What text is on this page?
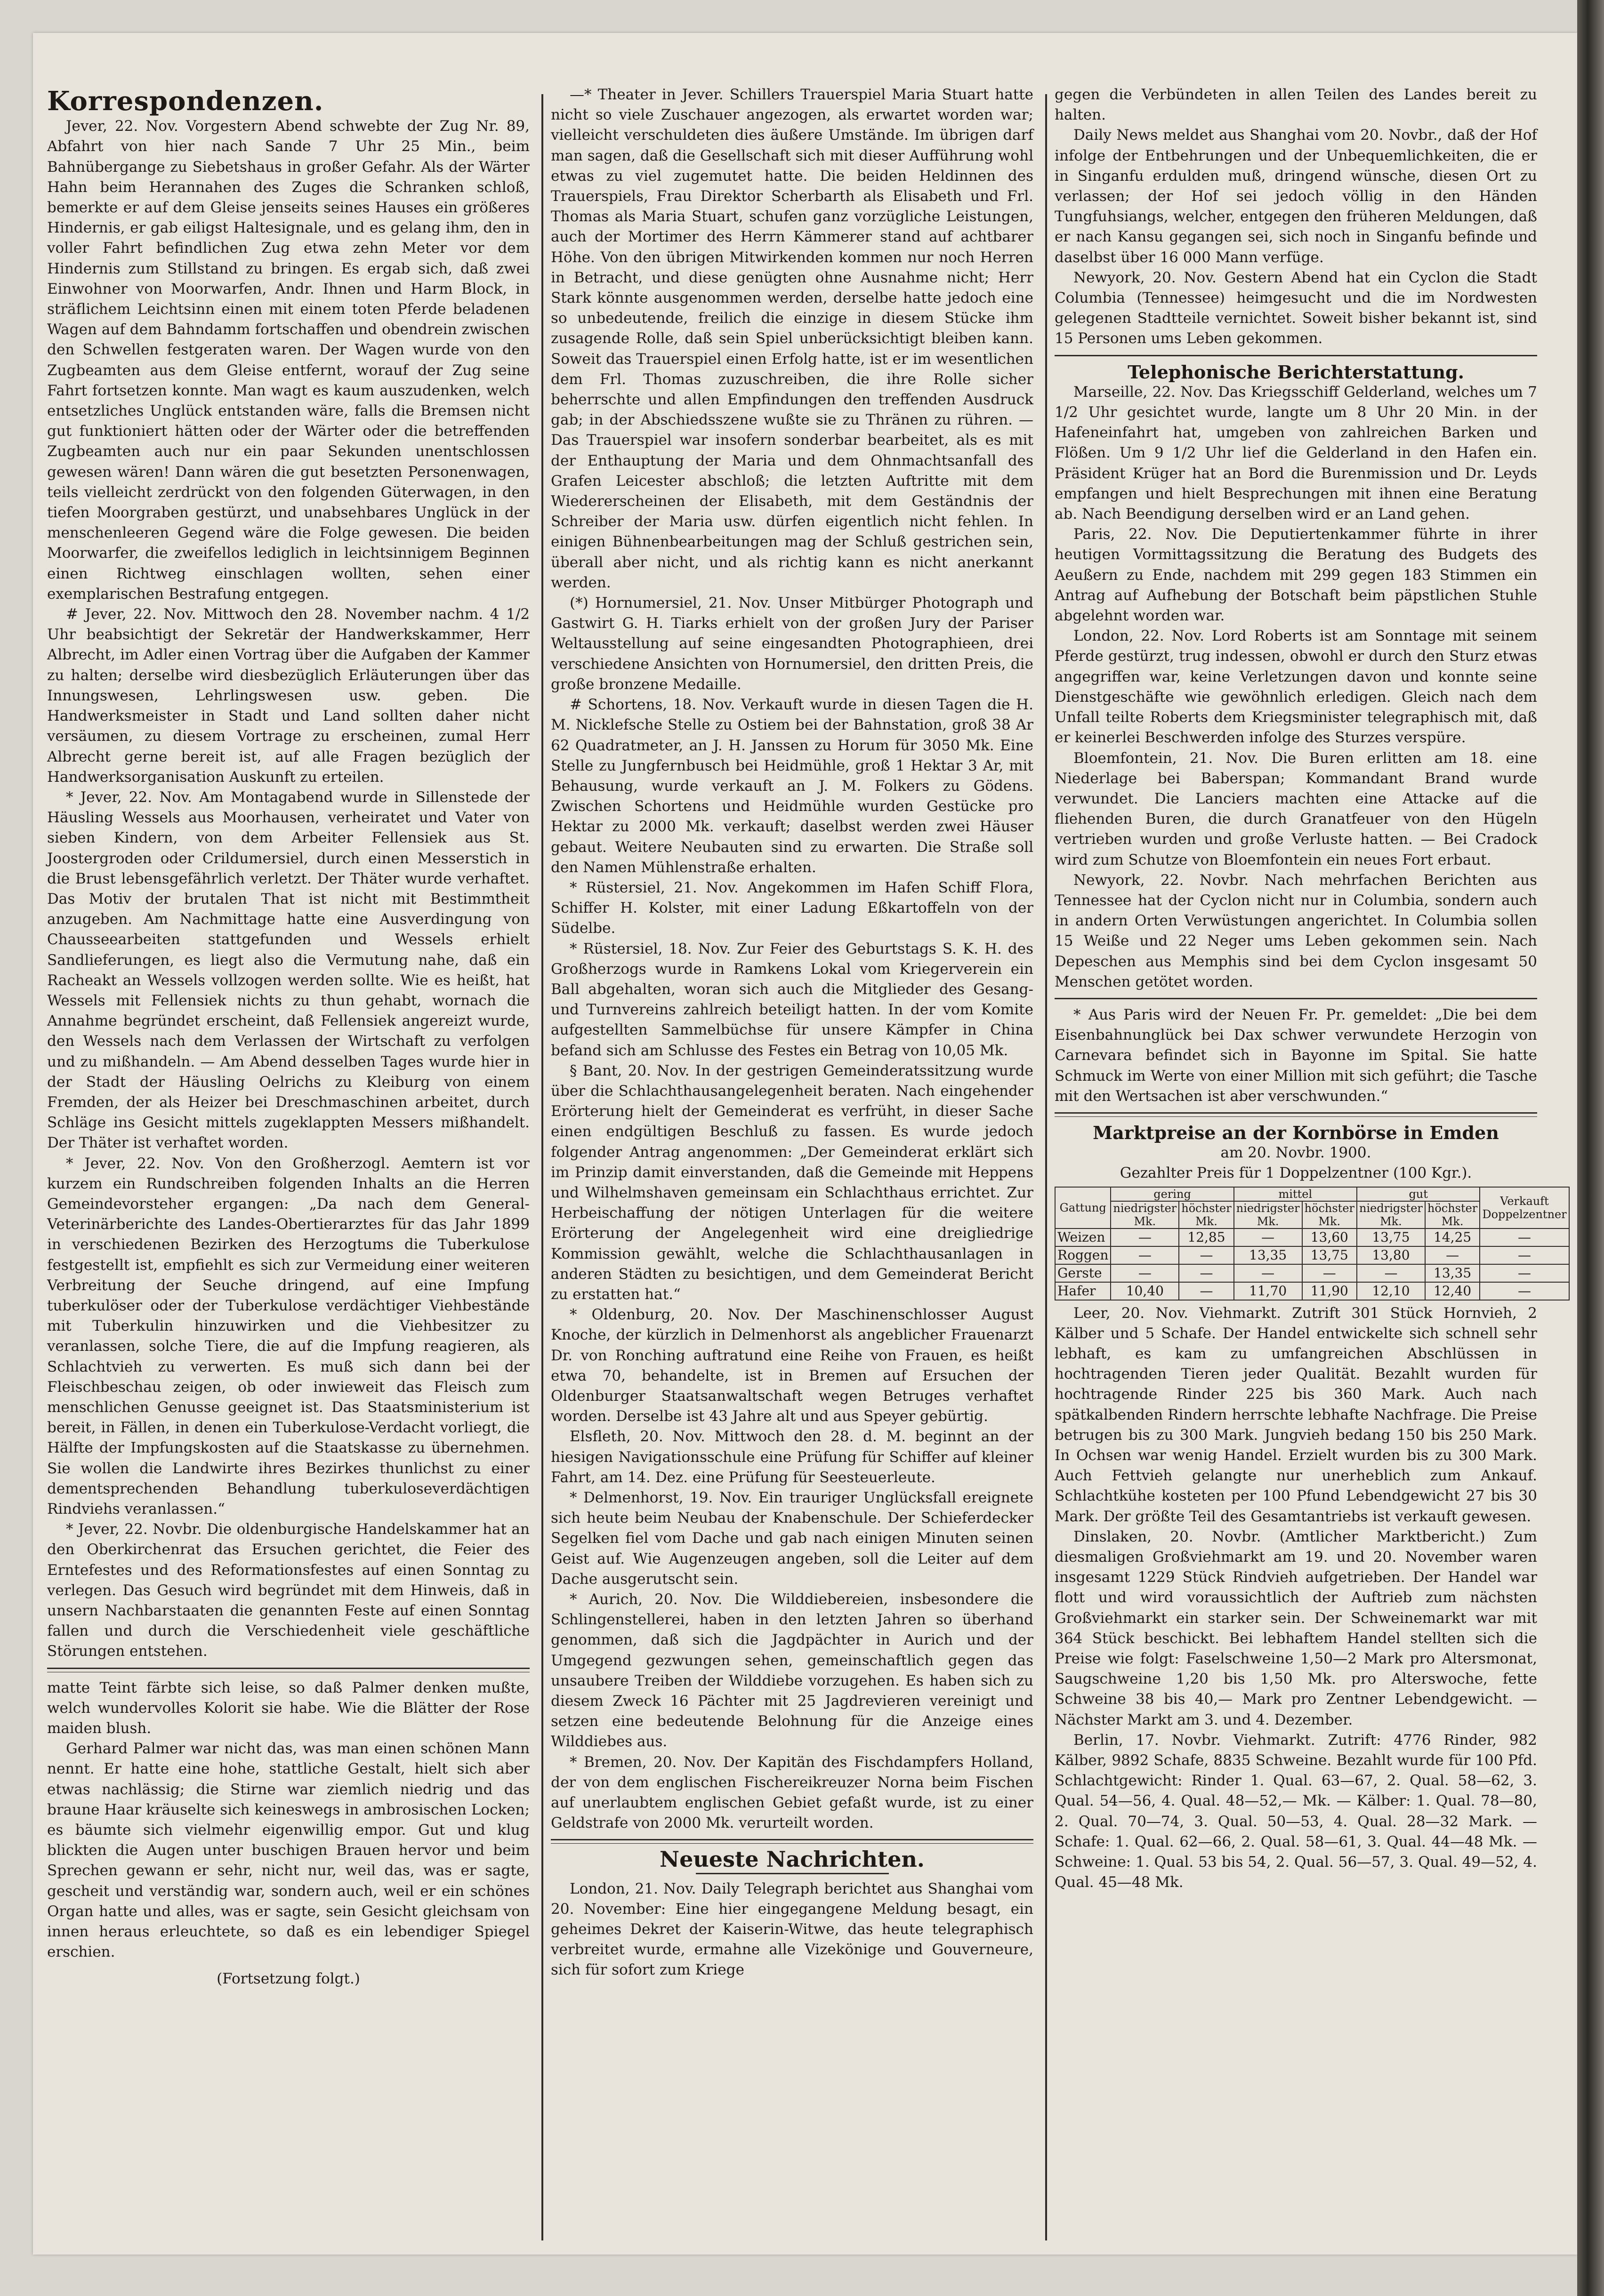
Korrespondenzen.

Jever, 22. Nov. Vorgestern Abend schwebte der Zug Nr. 89, Abfahrt von hier nach Sande 7 Uhr 25 Min., beim Bahnübergange zu Siebetshaus in großer Gefahr. Als der Wärter Hahn beim Herannahen des Zuges die Schranken schloß, bemerkte er auf dem Gleise jenseits seines Hauses ein größeres Hindernis, er gab eiligst Haltesignale, und es gelang ihm, den in voller Fahrt befindlichen Zug etwa zehn Meter vor dem Hindernis zum Stillstand zu bringen. Es ergab sich, daß zwei Einwohner von Moorwarfen, Andr. Ihnen und Harm Block, in sträflichem Leichtsinn einen mit einem toten Pferde beladenen Wagen auf dem Bahndamm fortschaffen und obendrein zwischen den Schwellen festgeraten waren. Der Wagen wurde von den Zugbeamten aus dem Gleise entfernt, worauf der Zug seine Fahrt fortsetzen konnte. Man wagt es kaum auszudenken, welch entsetzliches Unglück entstanden wäre, falls die Bremsen nicht gut funktioniert hätten oder der Wärter oder die betreffenden Zugbeamten auch nur ein paar Sekunden unentschlossen gewesen wären! Dann wären die gut besetzten Personenwagen, teils vielleicht zerdrückt von den folgenden Güterwagen, in den tiefen Moorgraben gestürzt, und unabsehbares Unglück in der menschenleeren Gegend wäre die Folge gewesen. Die beiden Moorwarfer, die zweifellos lediglich in leichtsinnigem Beginnen einen Richtweg einschlagen wollten, sehen einer exemplarischen Bestrafung entgegen.

# Jever, 22. Nov. Mittwoch den 28. November nachm. 4 1/2 Uhr beabsichtigt der Sekretär der Handwerkskammer, Herr Albrecht, im Adler einen Vortrag über die Aufgaben der Kammer zu halten; derselbe wird diesbezüglich Erläuterungen über das Innungswesen, Lehrlingswesen usw. geben. Die Handwerksmeister in Stadt und Land sollten daher nicht versäumen, zu diesem Vortrage zu erscheinen, zumal Herr Albrecht gerne bereit ist, auf alle Fragen bezüglich der Handwerksorganisation Auskunft zu erteilen.

* Jever, 22. Nov. Am Montagabend wurde in Sillenstede der Häusling Wessels aus Moorhausen, verheiratet und Vater von sieben Kindern, von dem Arbeiter Fellensiek aus St. Joostergroden oder Crildumersiel, durch einen Messerstich in die Brust lebensgefährlich verletzt. Der Thäter wurde verhaftet. Das Motiv der brutalen That ist nicht mit Bestimmtheit anzugeben. Am Nachmittage hatte eine Ausverdingung von Chausseearbeiten stattgefunden und Wessels erhielt Sandlieferungen, es liegt also die Vermutung nahe, daß ein Racheakt an Wessels vollzogen werden sollte. Wie es heißt, hat Wessels mit Fellensiek nichts zu thun gehabt, wornach die Annahme begründet erscheint, daß Fellensiek angereizt wurde, den Wessels nach dem Verlassen der Wirtschaft zu verfolgen und zu mißhandeln. — Am Abend desselben Tages wurde hier in der Stadt der Häusling Oelrichs zu Kleiburg von einem Fremden, der als Heizer bei Dreschmaschinen arbeitet, durch Schläge ins Gesicht mittels zugeklappten Messers mißhandelt. Der Thäter ist verhaftet worden.

* Jever, 22. Nov. Von den Großherzogl. Aemtern ist vor kurzem ein Rundschreiben folgenden Inhalts an die Herren Gemeindevorsteher ergangen: „Da nach dem General-Veterinärberichte des Landes-Obertierarztes für das Jahr 1899 in verschiedenen Bezirken des Herzogtums die Tuberkulose festgestellt ist, empfiehlt es sich zur Vermeidung einer weiteren Verbreitung der Seuche dringend, auf eine Impfung tuberkulöser oder der Tuberkulose verdächtiger Viehbestände mit Tuberkulin hinzuwirken und die Viehbesitzer zu veranlassen, solche Tiere, die auf die Impfung reagieren, als Schlachtvieh zu verwerten. Es muß sich dann bei der Fleischbeschau zeigen, ob oder inwieweit das Fleisch zum menschlichen Genusse geeignet ist. Das Staatsministerium ist bereit, in Fällen, in denen ein Tuberkulose-Verdacht vorliegt, die Hälfte der Impfungskosten auf die Staatskasse zu übernehmen. Sie wollen die Landwirte ihres Bezirkes thunlichst zu einer dementsprechenden Behandlung tuberkuloseverdächtigen Rindviehs veranlassen.“

* Jever, 22. Novbr. Die oldenburgische Handelskammer hat an den Oberkirchenrat das Ersuchen gerichtet, die Feier des Erntefestes und des Reformationsfestes auf einen Sonntag zu verlegen. Das Gesuch wird begründet mit dem Hinweis, daß in unsern Nachbarstaaten die genannten Feste auf einen Sonntag fallen und durch die Verschiedenheit viele geschäftliche Störungen entstehen.

matte Teint färbte sich leise, so daß Palmer denken mußte, welch wundervolles Kolorit sie habe. Wie die Blätter der Rose maiden blush.

Gerhard Palmer war nicht das, was man einen schönen Mann nennt. Er hatte eine hohe, stattliche Gestalt, hielt sich aber etwas nachlässig; die Stirne war ziemlich niedrig und das braune Haar kräuselte sich keineswegs in ambrosischen Locken; es bäumte sich vielmehr eigenwillig empor. Gut und klug blickten die Augen unter buschigen Brauen hervor und beim Sprechen gewann er sehr, nicht nur, weil das, was er sagte, gescheit und verständig war, sondern auch, weil er ein schönes Organ hatte und alles, was er sagte, sein Gesicht gleichsam von innen heraus erleuchtete, so daß es ein lebendiger Spiegel erschien.

(Fortsetzung folgt.)

—* Theater in Jever. Schillers Trauerspiel Maria Stuart hatte nicht so viele Zuschauer angezogen, als erwartet worden war; vielleicht verschuldeten dies äußere Umstände. Im übrigen darf man sagen, daß die Gesellschaft sich mit dieser Aufführung wohl etwas zu viel zugemutet hatte. Die beiden Heldinnen des Trauerspiels, Frau Direktor Scherbarth als Elisabeth und Frl. Thomas als Maria Stuart, schufen ganz vorzügliche Leistungen, auch der Mortimer des Herrn Kämmerer stand auf achtbarer Höhe. Von den übrigen Mitwirkenden kommen nur noch Herren in Betracht, und diese genügten ohne Ausnahme nicht; Herr Stark könnte ausgenommen werden, derselbe hatte jedoch eine so unbedeutende, freilich die einzige in diesem Stücke ihm zusagende Rolle, daß sein Spiel unberücksichtigt bleiben kann. Soweit das Trauerspiel einen Erfolg hatte, ist er im wesentlichen dem Frl. Thomas zuzuschreiben, die ihre Rolle sicher beherrschte und allen Empfindungen den treffenden Ausdruck gab; in der Abschiedsszene wußte sie zu Thränen zu rühren. — Das Trauerspiel war insofern sonderbar bearbeitet, als es mit der Enthauptung der Maria und dem Ohnmachtsanfall des Grafen Leicester abschloß; die letzten Auftritte mit dem Wiedererscheinen der Elisabeth, mit dem Geständnis der Schreiber der Maria usw. dürfen eigentlich nicht fehlen. In einigen Bühnenbearbeitungen mag der Schluß gestrichen sein, überall aber nicht, und als richtig kann es nicht anerkannt werden.

(*) Hornumersiel, 21. Nov. Unser Mitbürger Photograph und Gastwirt G. H. Tiarks erhielt von der großen Jury der Pariser Weltausstellung auf seine eingesandten Photographieen, drei verschiedene Ansichten von Hornumersiel, den dritten Preis, die große bronzene Medaille.

# Schortens, 18. Nov. Verkauft wurde in diesen Tagen die H. M. Nicklefsche Stelle zu Ostiem bei der Bahnstation, groß 38 Ar 62 Quadratmeter, an J. H. Janssen zu Horum für 3050 Mk. Eine Stelle zu Jungfernbusch bei Heidmühle, groß 1 Hektar 3 Ar, mit Behausung, wurde verkauft an J. M. Folkers zu Gödens. Zwischen Schortens und Heidmühle wurden Gestücke pro Hektar zu 2000 Mk. verkauft; daselbst werden zwei Häuser gebaut. Weitere Neubauten sind zu erwarten. Die Straße soll den Namen Mühlenstraße erhalten.

* Rüstersiel, 21. Nov. Angekommen im Hafen Schiff Flora, Schiffer H. Kolster, mit einer Ladung Eßkartoffeln von der Südelbe.

* Rüstersiel, 18. Nov. Zur Feier des Geburtstags S. K. H. des Großherzogs wurde in Ramkens Lokal vom Kriegerverein ein Ball abgehalten, woran sich auch die Mitglieder des Gesang- und Turnvereins zahlreich beteiligt hatten. In der vom Komite aufgestellten Sammelbüchse für unsere Kämpfer in China befand sich am Schlusse des Festes ein Betrag von 10,05 Mk.

§ Bant, 20. Nov. In der gestrigen Gemeinderatssitzung wurde über die Schlachthausangelegenheit beraten. Nach eingehender Erörterung hielt der Gemeinderat es verfrüht, in dieser Sache einen endgültigen Beschluß zu fassen. Es wurde jedoch folgender Antrag angenommen: „Der Gemeinderat erklärt sich im Prinzip damit einverstanden, daß die Gemeinde mit Heppens und Wilhelmshaven gemeinsam ein Schlachthaus errichtet. Zur Herbeischaffung der nötigen Unterlagen für die weitere Erörterung der Angelegenheit wird eine dreigliedrige Kommission gewählt, welche die Schlachthausanlagen in anderen Städten zu besichtigen, und dem Gemeinderat Bericht zu erstatten hat.“

* Oldenburg, 20. Nov. Der Maschinenschlosser August Knoche, der kürzlich in Delmenhorst als angeblicher Frauenarzt Dr. von Ronching auftratund eine Reihe von Frauen, es heißt etwa 70, behandelte, ist in Bremen auf Ersuchen der Oldenburger Staatsanwaltschaft wegen Betruges verhaftet worden. Derselbe ist 43 Jahre alt und aus Speyer gebürtig.

Elsfleth, 20. Nov. Mittwoch den 28. d. M. beginnt an der hiesigen Navigationsschule eine Prüfung für Schiffer auf kleiner Fahrt, am 14. Dez. eine Prüfung für Seesteuerleute.

* Delmenhorst, 19. Nov. Ein trauriger Unglücksfall ereignete sich heute beim Neubau der Knabenschule. Der Schieferdecker Segelken fiel vom Dache und gab nach einigen Minuten seinen Geist auf. Wie Augenzeugen angeben, soll die Leiter auf dem Dache ausgerutscht sein.

* Aurich, 20. Nov. Die Wilddiebereien, insbesondere die Schlingenstellerei, haben in den letzten Jahren so überhand genommen, daß sich die Jagdpächter in Aurich und der Umgegend gezwungen sehen, gemeinschaftlich gegen das unsaubere Treiben der Wilddiebe vorzugehen. Es haben sich zu diesem Zweck 16 Pächter mit 25 Jagdrevieren vereinigt und setzen eine bedeutende Belohnung für die Anzeige eines Wilddiebes aus.

* Bremen, 20. Nov. Der Kapitän des Fischdampfers Holland, der von dem englischen Fischereikreuzer Norna beim Fischen auf unerlaubtem englischen Gebiet gefaßt wurde, ist zu einer Geldstrafe von 2000 Mk. verurteilt worden.

Neueste Nachrichten.

London, 21. Nov. Daily Telegraph berichtet aus Shanghai vom 20. November: Eine hier eingegangene Meldung besagt, ein geheimes Dekret der Kaiserin-Witwe, das heute telegraphisch verbreitet wurde, ermahne alle Vizekönige und Gouverneure, sich für sofort zum Kriege

gegen die Verbündeten in allen Teilen des Landes bereit zu halten.

Daily News meldet aus Shanghai vom 20. Novbr., daß der Hof infolge der Entbehrungen und der Unbequemlichkeiten, die er in Singanfu erdulden muß, dringend wünsche, diesen Ort zu verlassen; der Hof sei jedoch völlig in den Händen Tungfuhsiangs, welcher, entgegen den früheren Meldungen, daß er nach Kansu gegangen sei, sich noch in Singanfu befinde und daselbst über 16 000 Mann verfüge.

Newyork, 20. Nov. Gestern Abend hat ein Cyclon die Stadt Columbia (Tennessee) heimgesucht und die im Nordwesten gelegenen Stadtteile vernichtet. Soweit bisher bekannt ist, sind 15 Personen ums Leben gekommen.

Telephonische Berichterstattung.

Marseille, 22. Nov. Das Kriegsschiff Gelderland, welches um 7 1/2 Uhr gesichtet wurde, langte um 8 Uhr 20 Min. in der Hafeneinfahrt hat, umgeben von zahlreichen Barken und Flößen. Um 9 1/2 Uhr lief die Gelderland in den Hafen ein. Präsident Krüger hat an Bord die Burenmission und Dr. Leyds empfangen und hielt Besprechungen mit ihnen eine Beratung ab. Nach Beendigung derselben wird er an Land gehen.

Paris, 22. Nov. Die Deputiertenkammer führte in ihrer heutigen Vormittagssitzung die Beratung des Budgets des Aeußern zu Ende, nachdem mit 299 gegen 183 Stimmen ein Antrag auf Aufhebung der Botschaft beim päpstlichen Stuhle abgelehnt worden war.

London, 22. Nov. Lord Roberts ist am Sonntage mit seinem Pferde gestürzt, trug indessen, obwohl er durch den Sturz etwas angegriffen war, keine Verletzungen davon und konnte seine Dienstgeschäfte wie gewöhnlich erledigen. Gleich nach dem Unfall teilte Roberts dem Kriegsminister telegraphisch mit, daß er keinerlei Beschwerden infolge des Sturzes verspüre.

Bloemfontein, 21. Nov. Die Buren erlitten am 18. eine Niederlage bei Baberspan; Kommandant Brand wurde verwundet. Die Lanciers machten eine Attacke auf die fliehenden Buren, die durch Granatfeuer von den Hügeln vertrieben wurden und große Verluste hatten. — Bei Cradock wird zum Schutze von Bloemfontein ein neues Fort erbaut.

Newyork, 22. Novbr. Nach mehrfachen Berichten aus Tennessee hat der Cyclon nicht nur in Columbia, sondern auch in andern Orten Verwüstungen angerichtet. In Columbia sollen 15 Weiße und 22 Neger ums Leben gekommen sein. Nach Depeschen aus Memphis sind bei dem Cyclon insgesamt 50 Menschen getötet worden.

* Aus Paris wird der Neuen Fr. Pr. gemeldet: „Die bei dem Eisenbahnunglück bei Dax schwer verwundete Herzogin von Carnevara befindet sich in Bayonne im Spital. Sie hatte Schmuck im Werte von einer Million mit sich geführt; die Tasche mit den Wertsachen ist aber verschwunden.“

Marktpreise an der Kornbörse in Emden

am 20. Novbr. 1900.

Gezahlter Preis für 1 Doppelzentner (100 Kgr.).

Gattung	gering		mittel		gut		Verkauft Doppelzentner
	niedrigster Mk.	höchster Mk.	niedrigster Mk.	höchster Mk.	niedrigster Mk.	höchster Mk.	
Weizen	—	12,85	—	13,60	13,75	14,25	—
Roggen	—	—	13,35	13,75	13,80	—	—
Gerste	—	—	—	—	—	13,35	—
Hafer	10,40	—	11,70	11,90	12,10	12,40	—

Leer, 20. Nov. Viehmarkt. Zutrift 301 Stück Hornvieh, 2 Kälber und 5 Schafe. Der Handel entwickelte sich schnell sehr lebhaft, es kam zu umfangreichen Abschlüssen in hochtragenden Tieren jeder Qualität. Bezahlt wurden für hochtragende Rinder 225 bis 360 Mark. Auch nach spätkalbenden Rindern herrschte lebhafte Nachfrage. Die Preise betrugen bis zu 300 Mark. Jungvieh bedang 150 bis 250 Mark. In Ochsen war wenig Handel. Erzielt wurden bis zu 300 Mark. Auch Fettvieh gelangte nur unerheblich zum Ankauf. Schlachtkühe kosteten per 100 Pfund Lebendgewicht 27 bis 30 Mark. Der größte Teil des Gesamtantriebs ist verkauft gewesen.

Dinslaken, 20. Novbr. (Amtlicher Marktbericht.) Zum diesmaligen Großviehmarkt am 19. und 20. November waren insgesamt 1229 Stück Rindvieh aufgetrieben. Der Handel war flott und wird voraussichtlich der Auftrieb zum nächsten Großviehmarkt ein starker sein. Der Schweinemarkt war mit 364 Stück beschickt. Bei lebhaftem Handel stellten sich die Preise wie folgt: Faselschweine 1,50—2 Mark pro Altersmonat, Saugschweine 1,20 bis 1,50 Mk. pro Alterswoche, fette Schweine 38 bis 40,— Mark pro Zentner Lebendgewicht. — Nächster Markt am 3. und 4. Dezember.

Berlin, 17. Novbr. Viehmarkt. Zutrift: 4776 Rinder, 982 Kälber, 9892 Schafe, 8835 Schweine. Bezahlt wurde für 100 Pfd. Schlachtgewicht: Rinder 1. Qual. 63—67, 2. Qual. 58—62, 3. Qual. 54—56, 4. Qual. 48—52,— Mk. — Kälber: 1. Qual. 78—80, 2. Qual. 70—74, 3. Qual. 50—53, 4. Qual. 28—32 Mark. — Schafe: 1. Qual. 62—66, 2. Qual. 58—61, 3. Qual. 44—48 Mk. — Schweine: 1. Qual. 53 bis 54, 2. Qual. 56—57, 3. Qual. 49—52, 4. Qual. 45—48 Mk.
